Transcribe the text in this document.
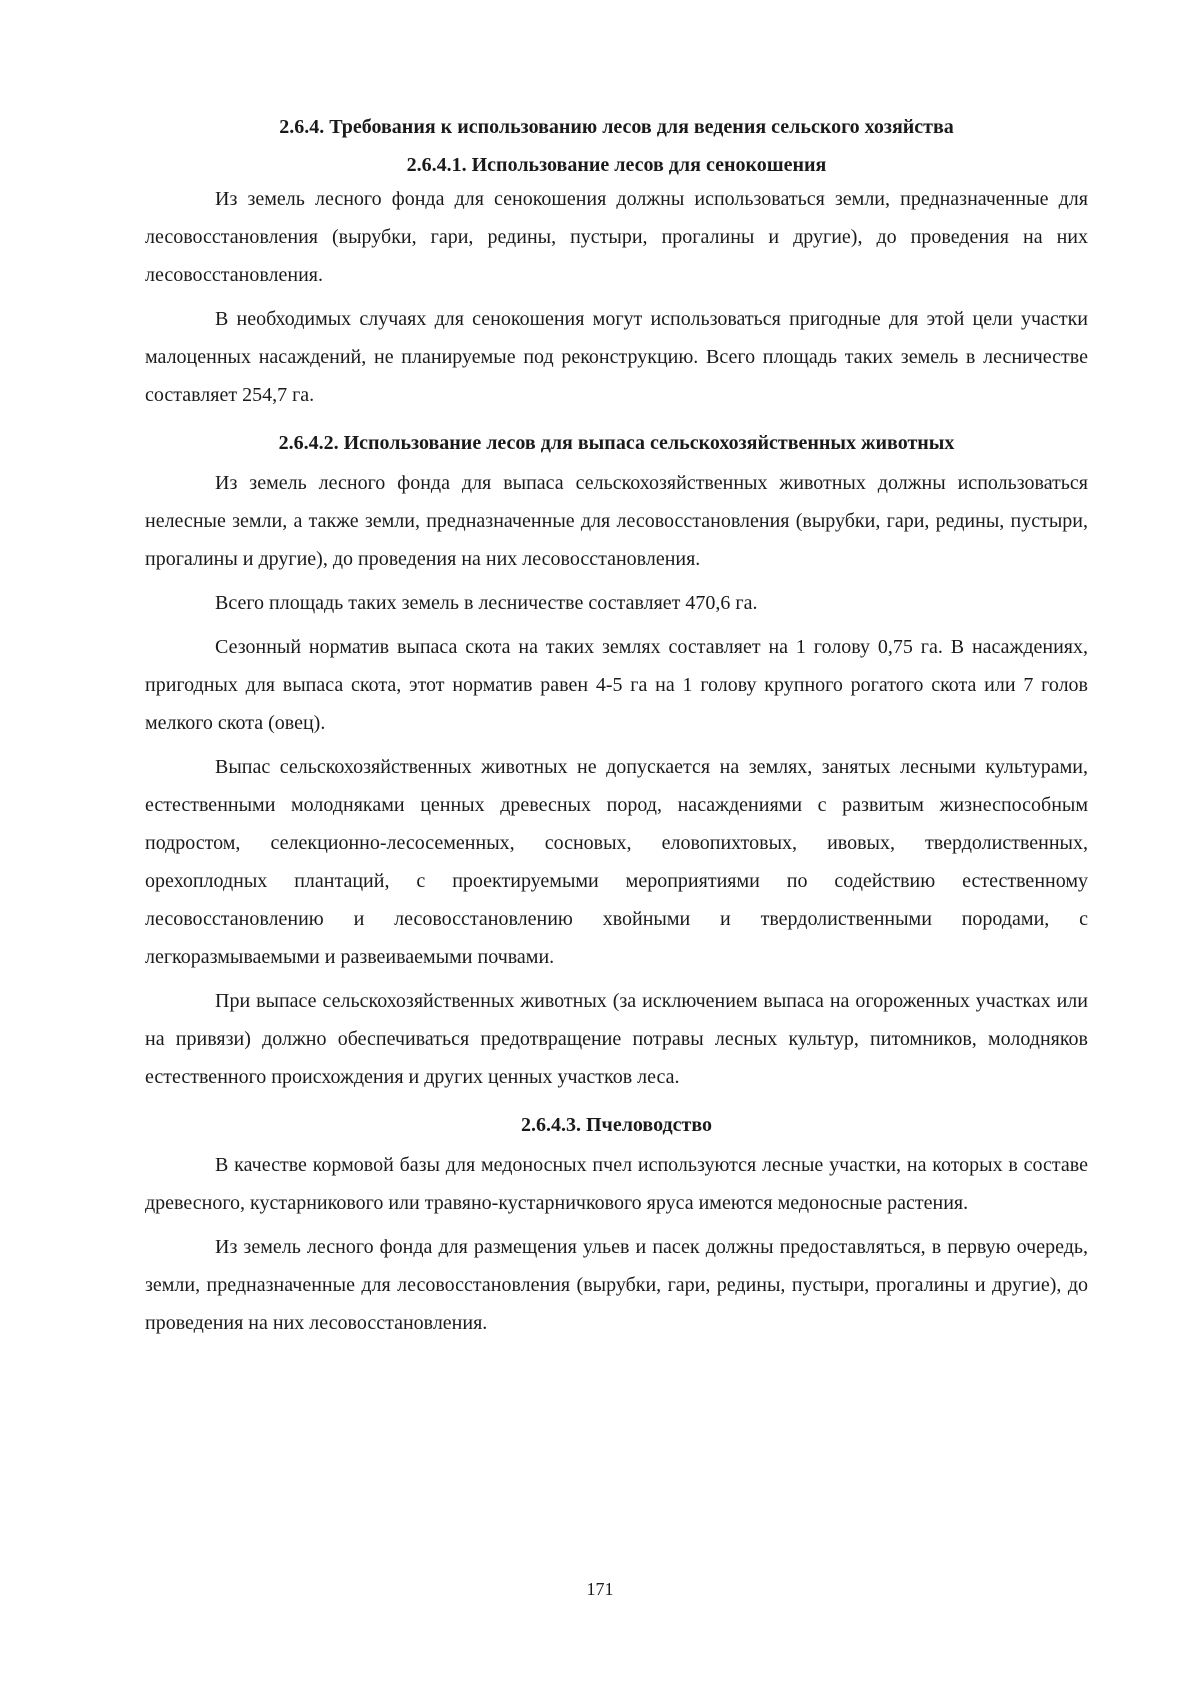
2.6.4. Требования к использованию лесов для ведения сельского хозяйства
2.6.4.1. Использование лесов для сенокошения

Из земель лесного фонда для сенокошения должны использоваться земли, предназначенные для лесовосстановления (вырубки, гари, редины, пустыри, прогалины и другие), до проведения на них лесовосстановления.

В необходимых случаях для сенокошения могут использоваться пригодные для этой цели участки малоценных насаждений, не планируемые под реконструкцию. Всего площадь таких земель в лесничестве составляет 254,7 га.

2.6.4.2. Использование лесов для выпаса сельскохозяйственных животных

Из земель лесного фонда для выпаса сельскохозяйственных животных должны использоваться нелесные земли, а также земли, предназначенные для лесовосстановления (вырубки, гари, редины, пустыри, прогалины и другие), до проведения на них лесовосстановления.

Всего площадь таких земель в лесничестве составляет 470,6 га.

Сезонный норматив выпаса скота на таких землях составляет на 1 голову 0,75 га. В насаждениях, пригодных для выпаса скота, этот норматив равен 4-5 га на 1 голову крупного рогатого скота или 7 голов мелкого скота (овец).

Выпас сельскохозяйственных животных не допускается на землях, занятых лесными культурами, естественными молодняками ценных древесных пород, насаждениями с развитым жизнеспособным подростом, селекционно-лесосеменных, сосновых, еловопихтовых, ивовых, твердолиственных, орехоплодных плантаций, с проектируемыми мероприятиями по содействию естественному лесовосстановлению и лесовосстановлению хвойными и твердолиственными породами, с легкоразмываемыми и развеиваемыми почвами.

При выпасе сельскохозяйственных животных (за исключением выпаса на огороженных участках или на привязи) должно обеспечиваться предотвращение потравы лесных культур, питомников, молодняков естественного происхождения и других ценных участков леса.

2.6.4.3. Пчеловодство

В качестве кормовой базы для медоносных пчел используются лесные участки, на которых в составе древесного, кустарникового или травяно-кустарничкового яруса имеются медоносные растения.

Из земель лесного фонда для размещения ульев и пасек должны предоставляться, в первую очередь, земли, предназначенные для лесовосстановления (вырубки, гари, редины, пустыри, прогалины и другие), до проведения на них лесовосстановления.

171
